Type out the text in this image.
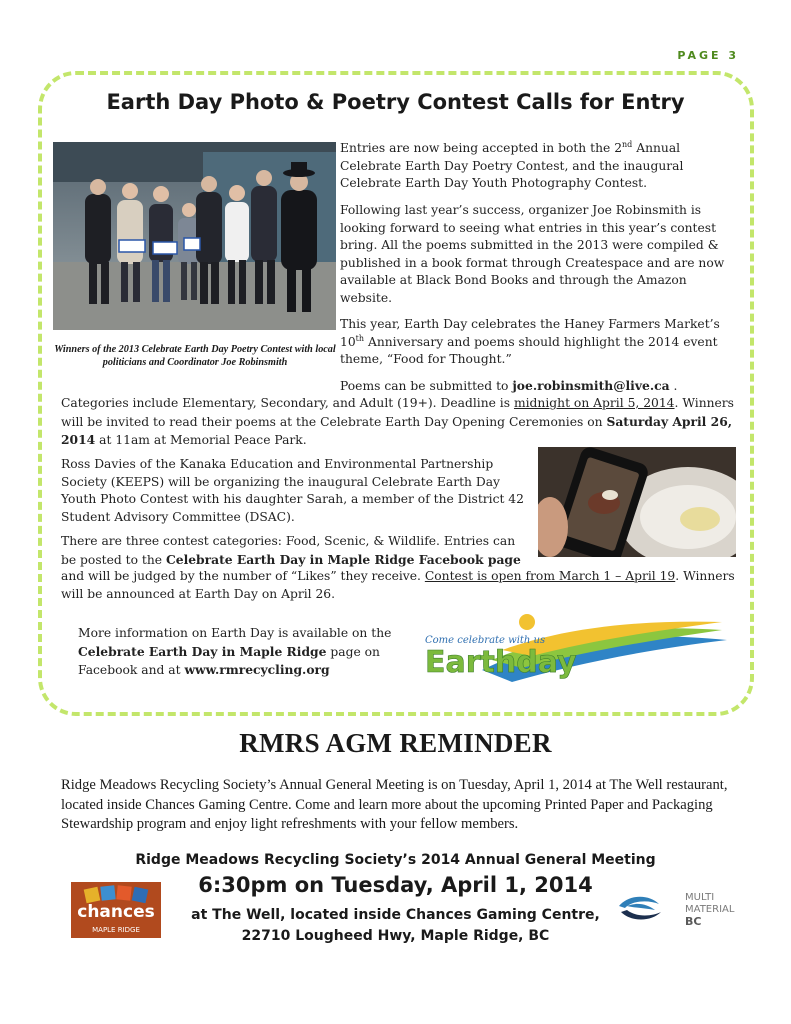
PAGE 3
Earth Day Photo & Poetry Contest Calls for Entry
Winners of the 2013 Celebrate Earth Day Poetry Contest with local politicians and Coordinator Joe Robinsmith
Entries are now being accepted in both the 2nd Annual Celebrate Earth Day Poetry Contest, and the inaugural Celebrate Earth Day Youth Photography Contest.
Following last year’s success, organizer Joe Robinsmith is looking forward to seeing what entries in this year’s contest bring. All the poems submitted in the 2013 were compiled & published in a book format through Createspace and are now available at Black Bond Books and through the Amazon website.
This year, Earth Day celebrates the Haney Farmers Market’s 10th Anniversary and poems should highlight the 2014 event theme, “Food for Thought.”
Poems can be submitted to joe.robinsmith@live.ca .
Categories include Elementary, Secondary, and Adult (19+). Deadline is midnight on April 5, 2014. Winners will be invited to read their poems at the Celebrate Earth Day Opening Ceremonies on Saturday April 26, 2014 at 11am at Memorial Peace Park.
Ross Davies of the Kanaka Education and Environmental Partnership Society (KEEPS) will be organizing the inaugural Celebrate Earth Day Youth Photo Contest with his daughter Sarah, a member of the District 42 Student Advisory Committee (DSAC).
There are three contest categories: Food, Scenic, & Wildlife. Entries can be posted to the Celebrate Earth Day in Maple Ridge Facebook page
and will be judged by the number of “Likes” they receive. Contest is open from March 1 – April 19. Winners will be announced at Earth Day on April 26.
More information on Earth Day is available on the Celebrate Earth Day in Maple Ridge page on Facebook and at www.rmrecycling.org
Come celebrate with us
Earthday
RMRS AGM REMINDER
Ridge Meadows Recycling Society’s Annual General Meeting is on Tuesday, April 1, 2014 at The Well restaurant, located inside Chances Gaming Centre. Come and learn more about the upcoming Printed Paper and Packaging Stewardship program and enjoy light refreshments with your fellow members.
Ridge Meadows Recycling Society’s 2014 Annual General Meeting
6:30pm on Tuesday, April 1, 2014
at The Well, located inside Chances Gaming Centre,
22710 Lougheed Hwy, Maple Ridge, BC
chances
MAPLE RIDGE
MULTI
MATERIAL
BC
